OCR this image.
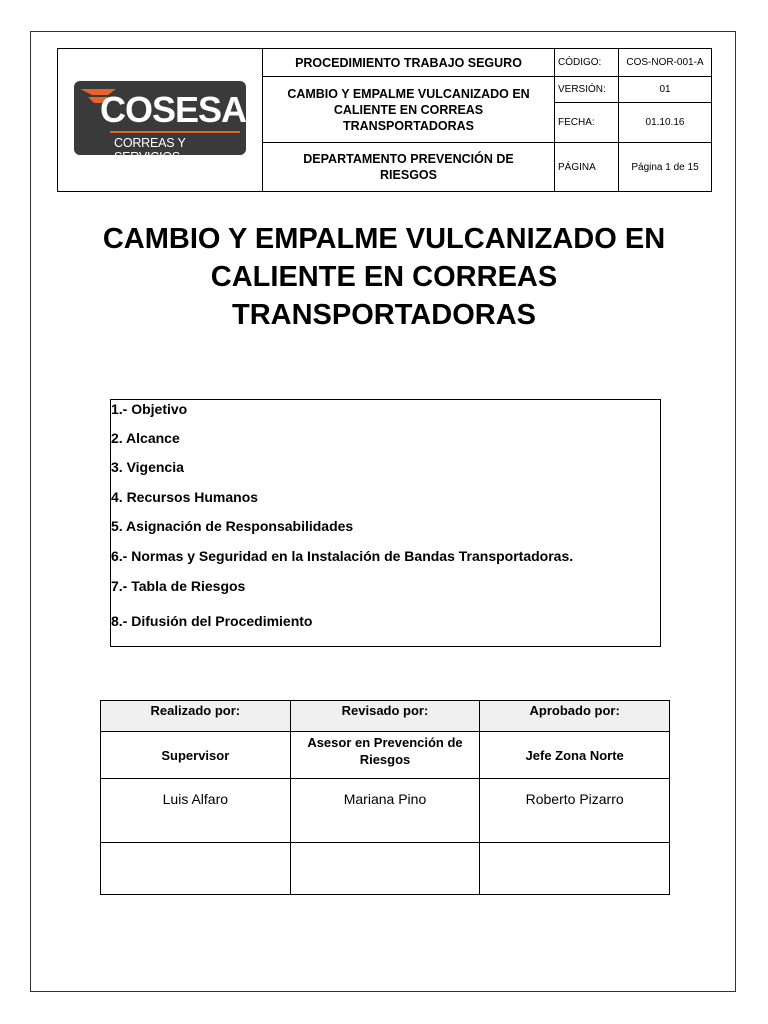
COSESA
CORREAS Y SERVICIOS	PROCEDIMIENTO TRABAJO SEGURO	CÓDIGO:	COS-NOR-001-A
	CAMBIO Y EMPALME VULCANIZADO EN CALIENTE EN CORREAS TRANSPORTADORAS	VERSIÓN:	01
		FECHA:	01.10.16
	DEPARTAMENTO PREVENCIÓN DE RIESGOS	PÁGINA	Página 1 de 15
CAMBIO Y EMPALME VULCANIZADO EN
CALIENTE EN CORREAS
TRANSPORTADORAS
1.- Objetivo
2. Alcance
3. Vigencia
4. Recursos Humanos
5. Asignación de Responsabilidades
6.- Normas y Seguridad en la Instalación de Bandas Transportadoras.
7.- Tabla de Riesgos
8.- Difusión del Procedimiento
Realizado por:	Revisado por:	Aprobado por:
Supervisor	Asesor en Prevención de Riesgos	Jefe Zona Norte
Luis Alfaro	Mariana Pino	Roberto Pizarro
